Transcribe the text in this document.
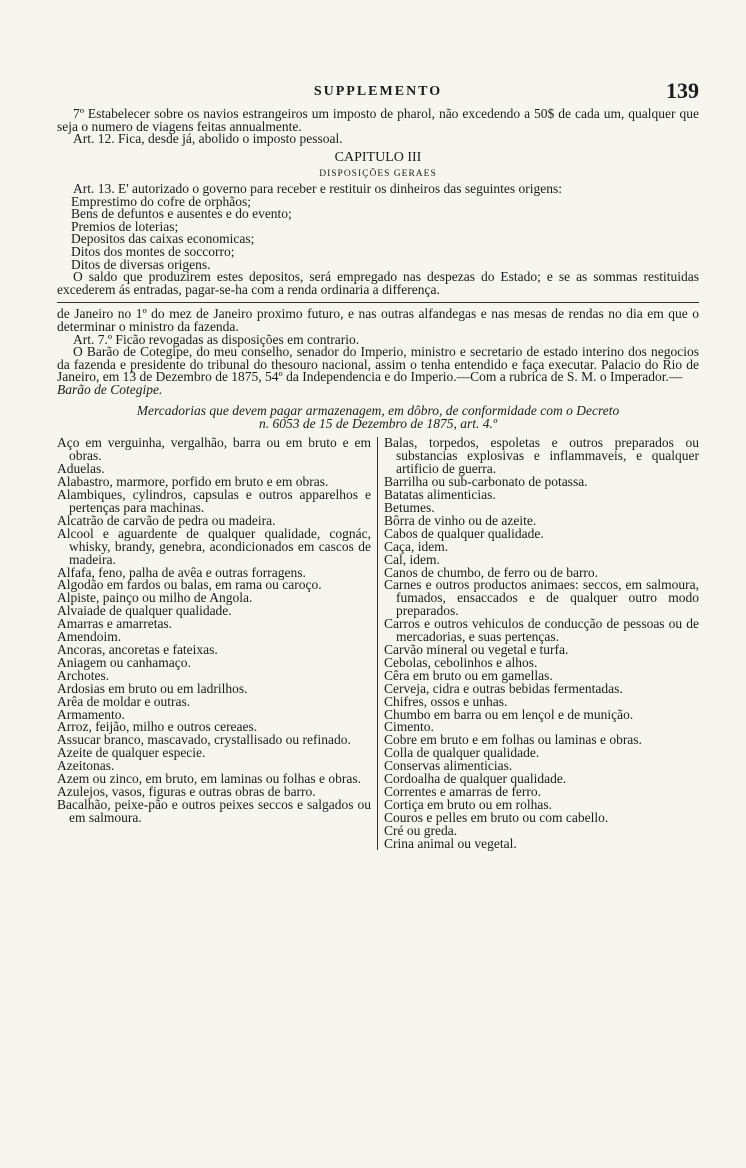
SUPPLEMENTO	139

7º Estabelecer sobre os navios estrangeiros um imposto de pharol, não excedendo a 50$ de cada um, qualquer que seja o numero de viagens feitas annualmente.

Art. 12. Fica, desde já, abolido o imposto pessoal.

CAPITULO III

DISPOSIÇÕES GERAES

Art. 13. E' autorizado o governo para receber e restituir os dinheiros das seguintes origens:

Emprestimo do cofre de orphãos;

Bens de defuntos e ausentes e do evento;

Premios de loterias;

Depositos das caixas economicas;

Ditos dos montes de soccorro;

Ditos de diversas origens.

O saldo que produzirem estes depositos, será empregado nas despezas do Estado; e se as sommas restituidas excederem ás entradas, pagar-se-ha com a renda ordinaria a differença.

de Janeiro no 1º do mez de Janeiro proximo futuro, e nas outras alfandegas e nas mesas de rendas no dia em que o determinar o ministro da fazenda.

Art. 7.º Ficão revogadas as disposições em contrario.

O Barão de Cotegipe, do meu conselho, senador do Imperio, ministro e secretario de estado interino dos negocios da fazenda e presidente do tribunal do thesouro nacional, assim o tenha entendido e faça executar. Palacio do Rio de Janeiro, em 13 de Dezembro de 1875, 54º da Independencia e do Imperio.—Com a rubrica de S. M. o Imperador.—

Barão de Cotegipe.

Mercadorias que devem pagar armazenagem, em dôbro, de conformidade com o Decreto
n. 6053 de 15 de Dezembro de 1875, art. 4.º

Aço em verguinha, vergalhão, barra ou em bruto e em obras.
Aduelas.
Alabastro, marmore, porfido em bruto e em obras.
Alambiques, cylindros, capsulas e outros apparelhos e pertenças para machinas.
Alcatrão de carvão de pedra ou madeira.
Alcool e aguardente de qualquer qualidade, cognác, whisky, brandy, genebra, acondicionados em cascos de madeira.
Alfafa, feno, palha de avêa e outras forragens.
Algodão em fardos ou balas, em rama ou caroço.
Alpiste, painço ou milho de Angola.
Alvaiade de qualquer qualidade.
Amarras e amarretas.
Amendoim.
Ancoras, ancoretas e fateixas.
Aniagem ou canhamaço.
Archotes.
Ardosias em bruto ou em ladrilhos.
Arêa de moldar e outras.
Armamento.
Arroz, feijão, milho e outros cereaes.
Assucar branco, mascavado, crystallisado ou refinado.
Azeite de qualquer especie.
Azeitonas.
Azem ou zinco, em bruto, em laminas ou folhas e obras.
Azulejos, vasos, figuras e outras obras de barro.
Bacalhão, peixe-pão e outros peixes seccos e salgados ou em salmoura.
Balas, torpedos, espoletas e outros preparados ou substancias explosivas e inflammaveis, e qualquer artificio de guerra.
Barrilha ou sub-carbonato de potassa.
Batatas alimenticias.
Betumes.
Bôrra de vinho ou de azeite.
Cabos de qualquer qualidade.
Caça, idem.
Cal, idem.
Canos de chumbo, de ferro ou de barro.
Carnes e outros productos animaes: seccos, em salmoura, fumados, ensaccados e de qualquer outro modo preparados.
Carros e outros vehiculos de conducção de pessoas ou de mercadorias, e suas pertenças.
Carvão mineral ou vegetal e turfa.
Cebolas, cebolinhos e alhos.
Cêra em bruto ou em gamellas.
Cerveja, cidra e outras bebidas fermentadas.
Chifres, ossos e unhas.
Chumbo em barra ou em lençol e de munição.
Cimento.
Cobre em bruto e em folhas ou laminas e obras.
Colla de qualquer qualidade.
Conservas alimenticias.
Cordoalha de qualquer qualidade.
Correntes e amarras de ferro.
Cortiça em bruto ou em rolhas.
Couros e pelles em bruto ou com cabello.
Cré ou greda.
Crina animal ou vegetal.
